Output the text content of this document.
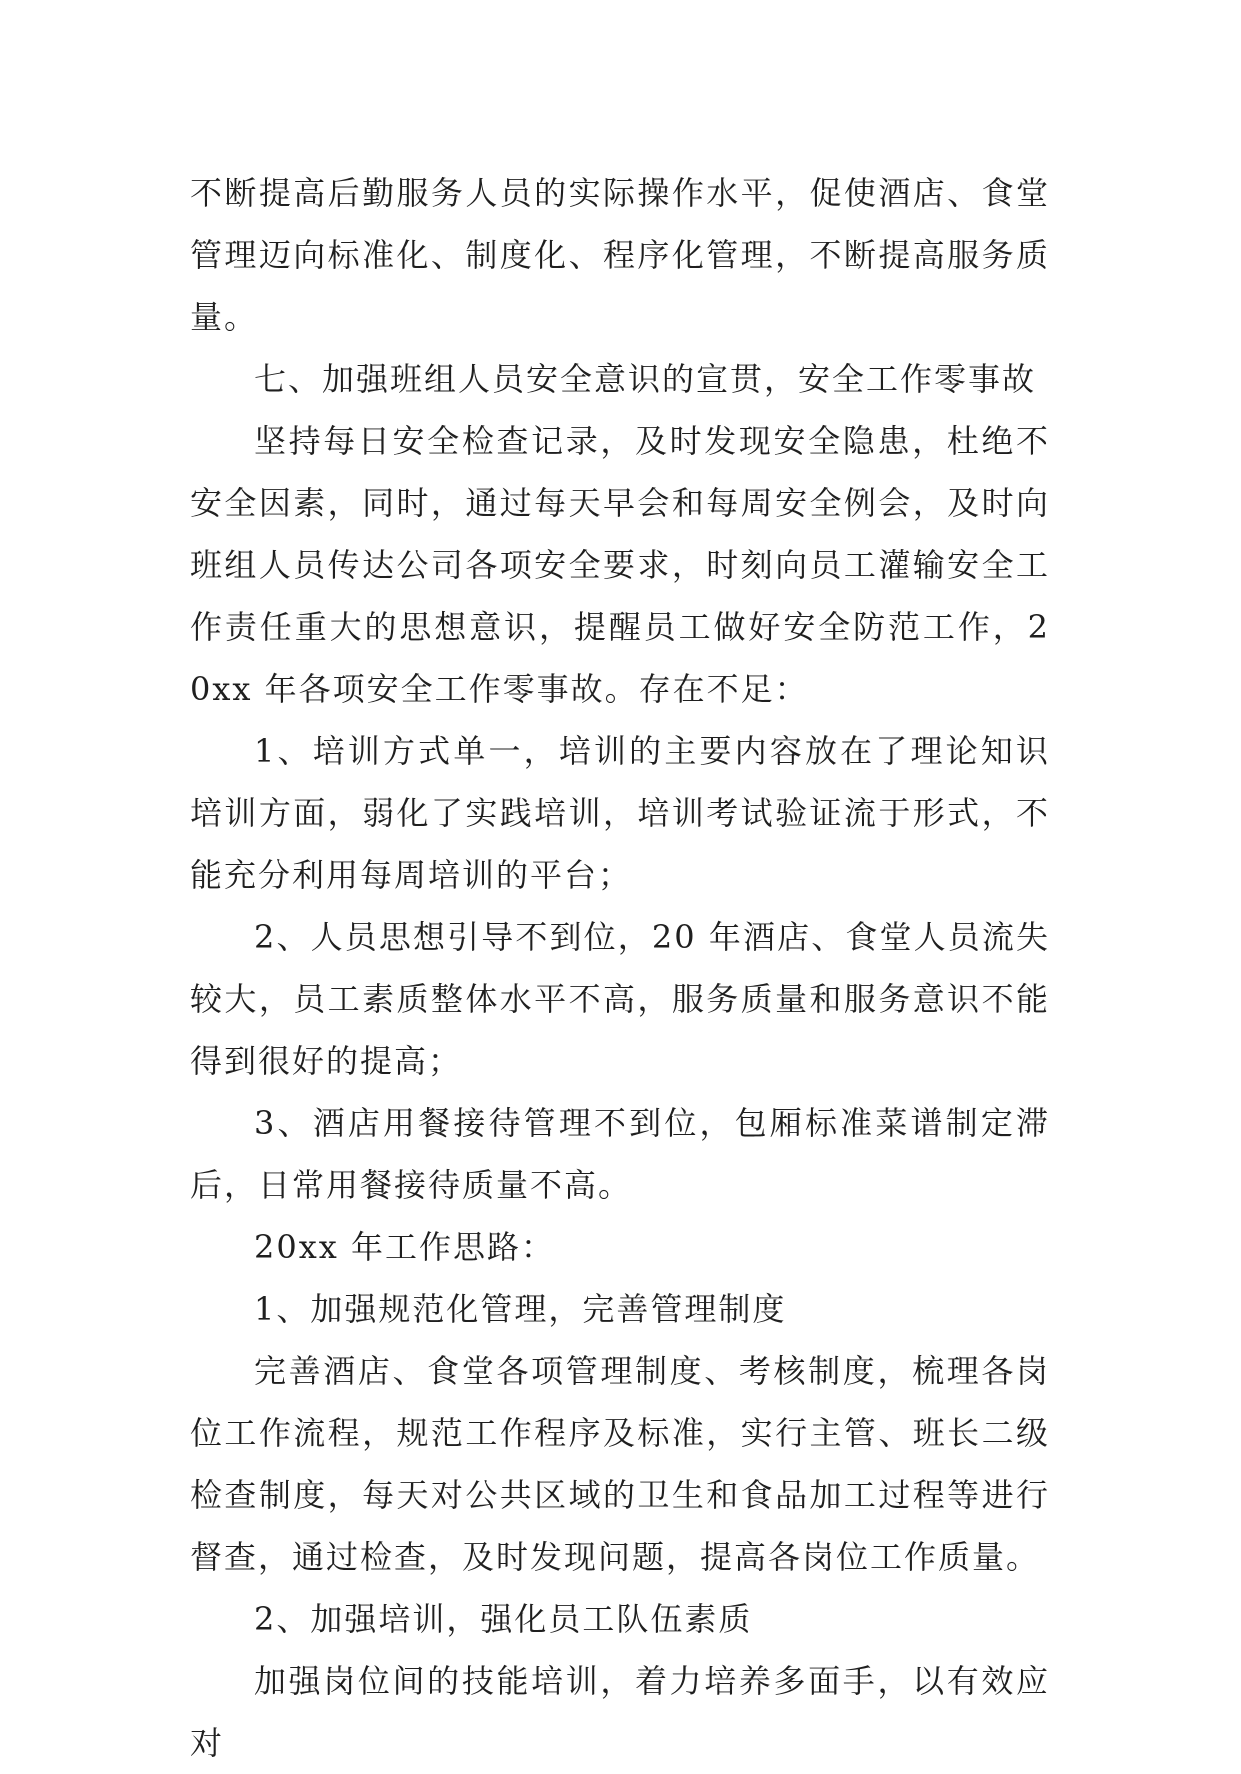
不断提高后勤服务人员的实际操作水平，促使酒店、食堂管理迈向标准化、制度化、程序化管理，不断提高服务质量。

七、加强班组人员安全意识的宣贯，安全工作零事故

坚持每日安全检查记录，及时发现安全隐患，杜绝不安全因素，同时，通过每天早会和每周安全例会，及时向班组人员传达公司各项安全要求，时刻向员工灌输安全工作责任重大的思想意识，提醒员工做好安全防范工作，20xx 年各项安全工作零事故。存在不足：

1、培训方式单一，培训的主要内容放在了理论知识培训方面，弱化了实践培训，培训考试验证流于形式，不能充分利用每周培训的平台；

2、人员思想引导不到位，20 年酒店、食堂人员流失较大，员工素质整体水平不高，服务质量和服务意识不能得到很好的提高；

3、酒店用餐接待管理不到位，包厢标准菜谱制定滞后，日常用餐接待质量不高。

20xx 年工作思路：

1、加强规范化管理，完善管理制度

完善酒店、食堂各项管理制度、考核制度，梳理各岗位工作流程，规范工作程序及标准，实行主管、班长二级检查制度，每天对公共区域的卫生和食品加工过程等进行督查，通过检查，及时发现问题，提高各岗位工作质量。

2、加强培训，强化员工队伍素质

加强岗位间的技能培训，着力培养多面手，以有效应对
